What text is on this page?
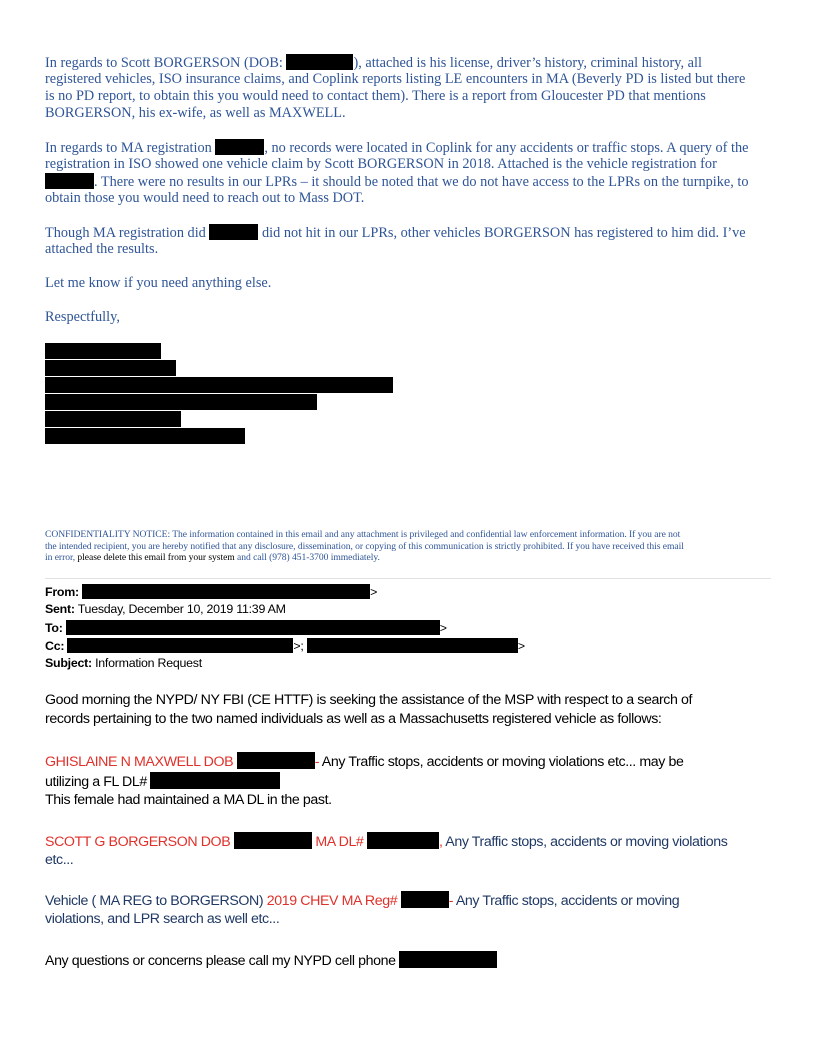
In regards to Scott BORGERSON (DOB:	), attached is his license, driver’s history, criminal history, all
registered vehicles, ISO insurance claims, and Coplink reports listing LE encounters in MA (Beverly PD is listed but there
is no PD report, to obtain this you would need to contact them). There is a report from Gloucester PD that mentions
BORGERSON, his ex-wife, as well as MAXWELL.
In regards to MA registration	, no records were located in Coplink for any accidents or traffic stops. A query of the
registration in ISO showed one vehicle claim by Scott BORGERSON in 2018. Attached is the vehicle registration for
. There were no results in our LPRs – it should be noted that we do not have access to the LPRs on the turnpike, to
obtain those you would need to reach out to Mass DOT.
Though MA registration did	did not hit in our LPRs, other vehicles BORGERSON has registered to him did. I’ve
attached the results.
Let me know if you need anything else.
Respectfully,
CONFIDENTIALITY NOTICE: The information contained in this email and any attachment is privileged and confidential law enforcement information. If you are not
the intended recipient, you are hereby notified that any disclosure, dissemination, or copying of this communication is strictly prohibited. If you have received this email
in error, please delete this email from your system and call (978) 451-3700 immediately.
From:	>
Sent: Tuesday, December 10, 2019 11:39 AM
To:	>
Cc:	>;	>
Subject: Information Request
Good morning the NYPD/ NY FBI (CE HTTF) is seeking the assistance of the MSP with respect to a search of
records pertaining to the two named individuals as well as a Massachusetts registered vehicle as follows:
GHISLAINE N MAXWELL DOB	- Any Traffic stops, accidents or moving violations etc... may be
utilizing a FL DL#
This female had maintained a MA DL in the past.
SCOTT G BORGERSON DOB	MA DL#	, Any Traffic stops, accidents or moving violations
etc...
Vehicle ( MA REG to BORGERSON) 2019 CHEV MA Reg#	- Any Traffic stops, accidents or moving
violations, and LPR search as well etc...
Any questions or concerns please call my NYPD cell phone
